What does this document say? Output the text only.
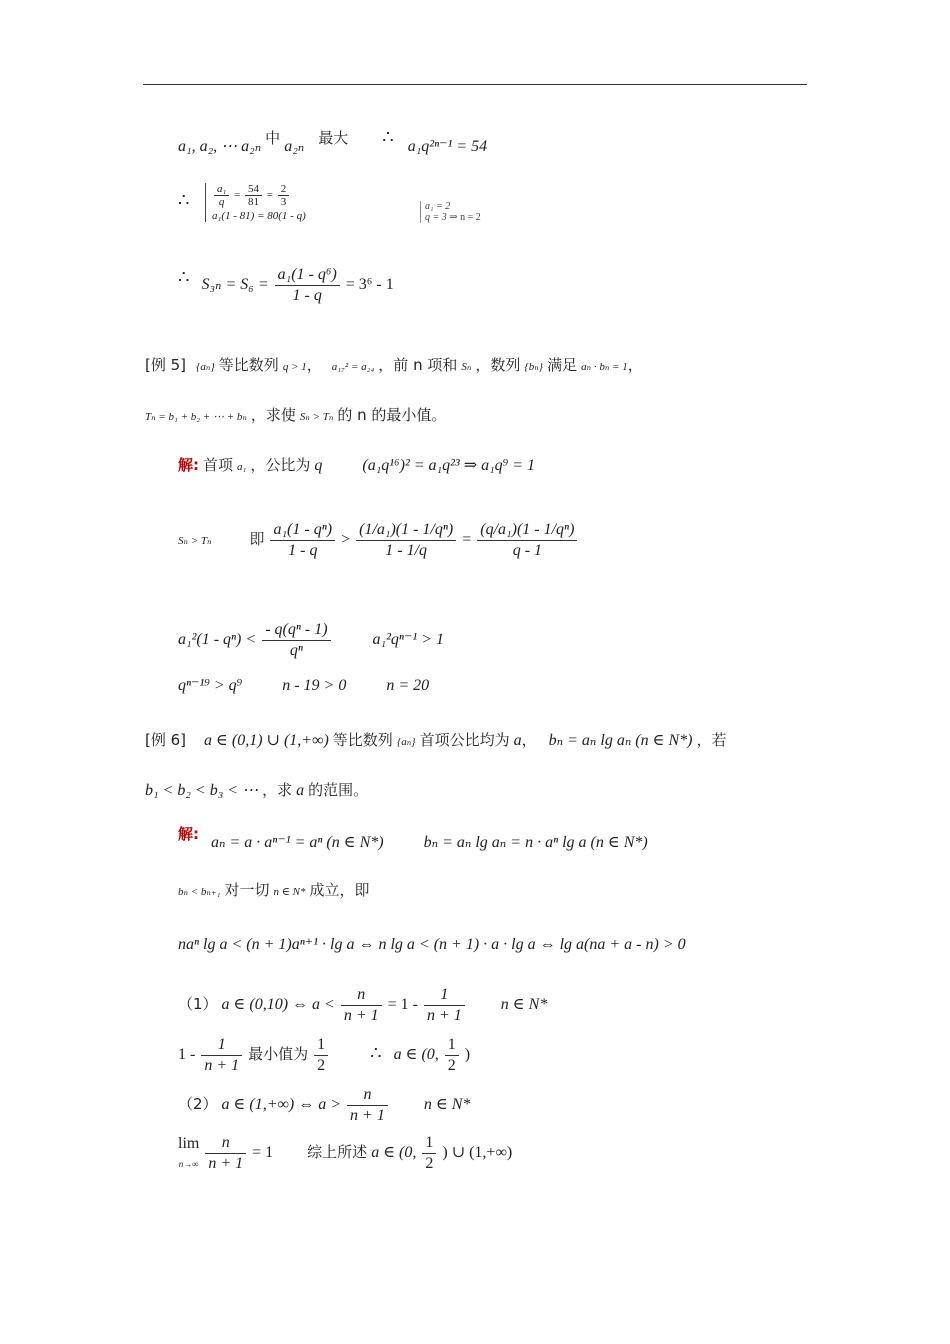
a₁, a₂, ⋯ a₂ₙ 中 a₂ₙ 最大 ∴ a₁q²ⁿ⁻¹ = 54
∴ $\frac{\text{a₁}}{q} = \frac{54}{81} = \frac{2}{3}$
a₁(1 - 81) = 80(1 - q)
a₁ = 2
q = 3 ⇒ n = 2
∴ $S_{3n} = S_6 = \frac{\text{a₁(1 - q⁶)}}{1 - q} = 3^6 - 1$
[例 5] {aₙ} 等比数列 q > 1， a₁₇² = a₂₄ ，前 n 项和 Sₙ ，数列 {bₙ} 满足 aₙ · bₙ = 1，
Tₙ = b₁ + b₂ + ⋯ + bₙ ，求使 Sₙ > Tₙ 的 n 的最小值。
解: 首项 a₁ ，公比为 q	(a₁q¹⁶)² = a₁q²³ ⇒ a₁q⁹ = 1
Sₙ > Tₙ	即 $\frac{\text{a₁(1 - qⁿ)}}{1 - q} > \frac{\text{(1/a₁)(1 - 1/qⁿ)}}{1 - 1/q} = \frac{\text{(q/a₁)(1 - 1/qⁿ)}}{q - 1}$
$a_1^2(1 - q^n) < \frac{\text{- q(qⁿ - 1)}}{\text{qⁿ}}$	a₁²qⁿ⁻¹ > 1
qⁿ⁻¹⁹ > q⁹	n - 19 > 0	n = 20
[例 6] a ∈ (0,1) ∪ (1,+∞) 等比数列 {aₙ} 首项公比均为 a， bₙ = aₙ lg aₙ (n ∈ N*) ，若
b₁ < b₂ < b₃ < ⋯ ，求 a 的范围。
解: aₙ = a · aⁿ⁻¹ = aⁿ (n ∈ N*)	bₙ = aₙ lg aₙ = n · aⁿ lg a (n ∈ N*)
bₙ < bₙ₊₁ 对一切 n ∈ N* 成立，即
naⁿ lg a < (n + 1)aⁿ⁺¹ · lg a ⇔ n lg a < (n + 1) · a · lg a ⇔ lg a(na + a - n) > 0
（1） a ∈ (0,10) ⇔ $a < \frac{n}{n + 1} = 1 - \frac{1}{n + 1}$ n ∈ N*
$1 - \frac{1}{n + 1}$ 最小值为 $\frac{1}{2}$ ∴ a ∈ (0, $\frac{1}{2}$ )
（2） a ∈ (1,+∞) ⇔ $a > \frac{n}{n + 1}$ n ∈ N*
lim
n→∞
$\frac{n}{n + 1} = 1$ 综上所述 a ∈ (0, $\frac{1}{2}$ ) ∪ (1,+∞)
